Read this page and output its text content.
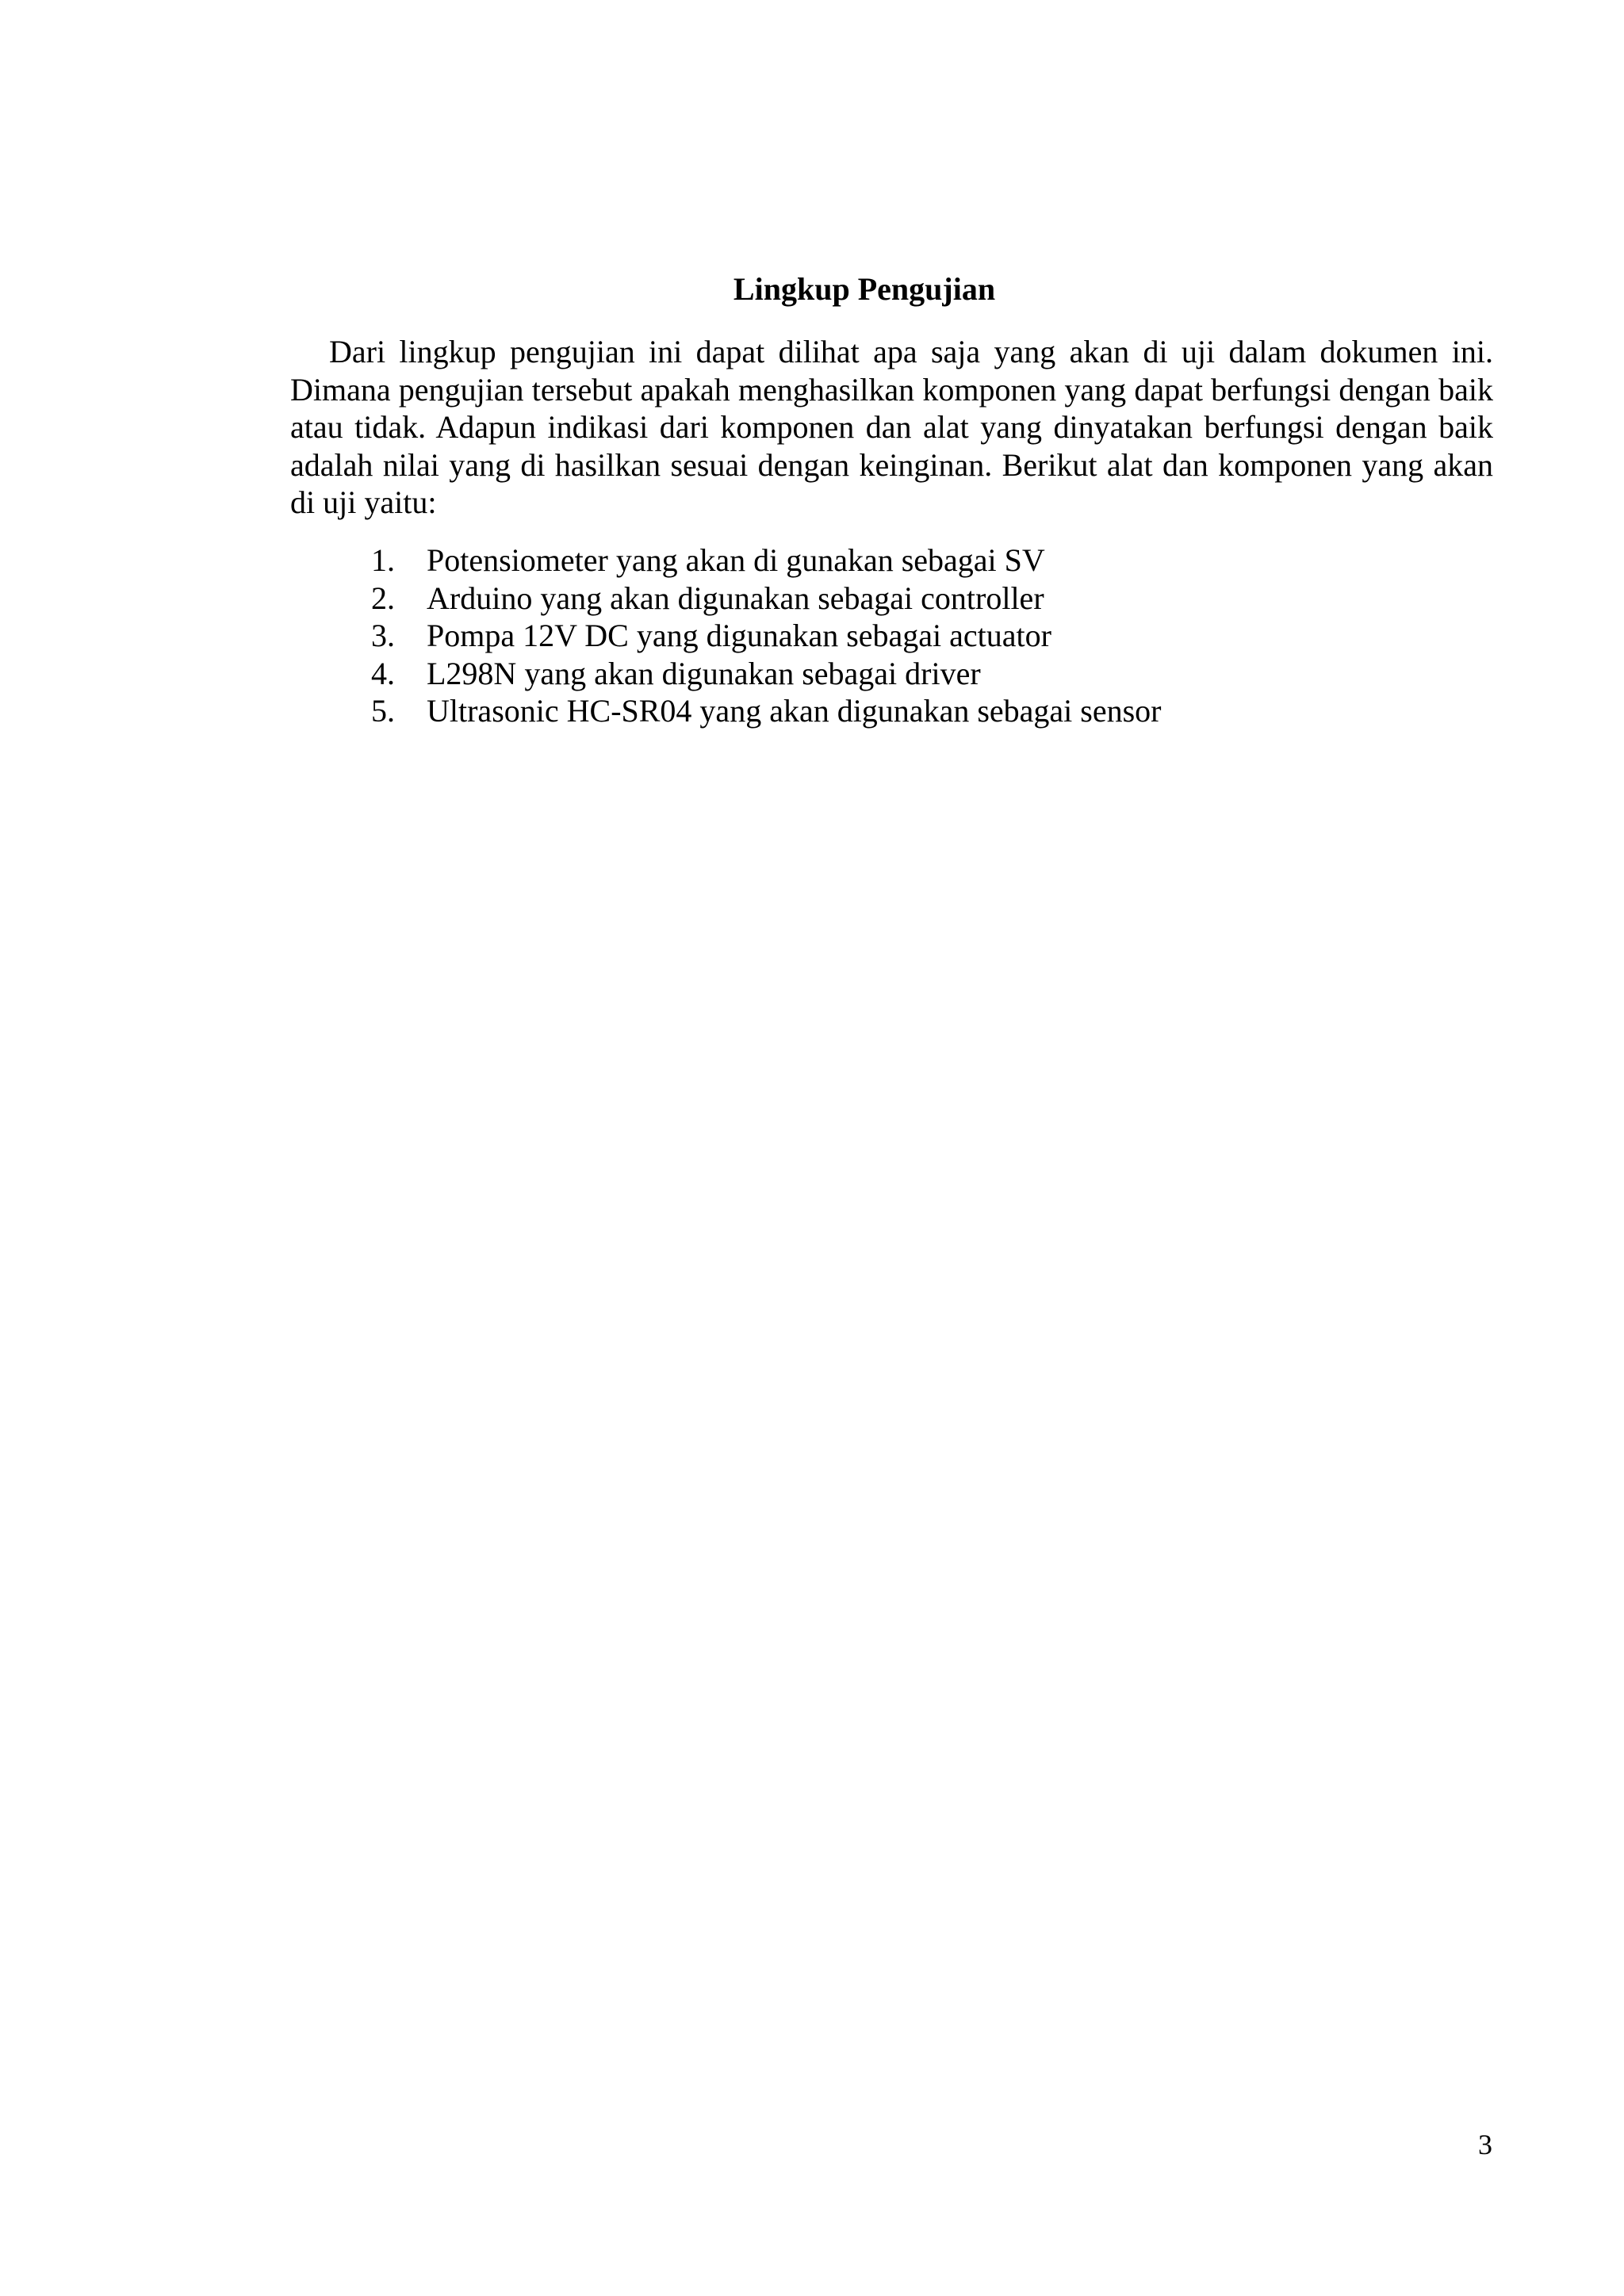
Lingkup Pengujian

Dari lingkup pengujian ini dapat dilihat apa saja yang akan di uji dalam dokumen ini. Dimana pengujian tersebut apakah menghasilkan komponen yang dapat berfungsi dengan baik atau tidak. Adapun indikasi dari komponen dan alat yang dinyatakan berfungsi dengan baik adalah nilai yang di hasilkan sesuai dengan keinginan. Berikut alat dan komponen yang akan di uji yaitu:

1.	Potensiometer yang akan di gunakan sebagai SV
2.	Arduino yang akan digunakan sebagai controller
3.	Pompa 12V DC yang digunakan sebagai actuator
4.	L298N yang akan digunakan sebagai driver
5.	Ultrasonic HC-SR04 yang akan digunakan sebagai sensor

3
